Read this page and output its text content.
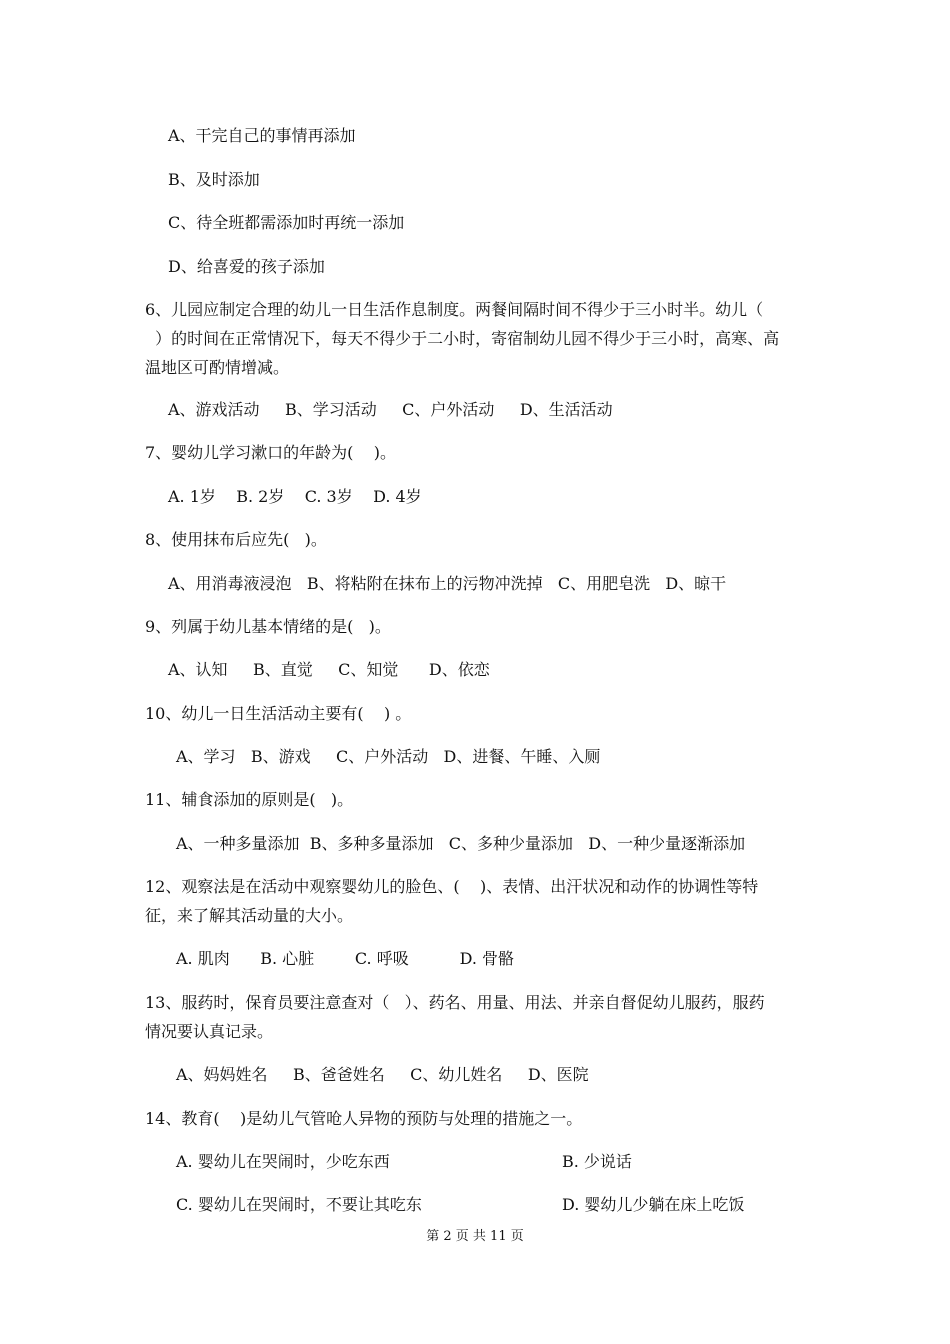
A、干完自己的事情再添加
B、及时添加
C、待全班都需添加时再统一添加
D、给喜爱的孩子添加
6、儿园应制定合理的幼儿一日生活作息制度。两餐间隔时间不得少于三小时半。幼儿（
）的时间在正常情况下，每天不得少于二小时，寄宿制幼儿园不得少于三小时，高寒、高
温地区可酌情增减。
A、游戏活动     B、学习活动     C、户外活动     D、生活活动
7、婴幼儿学习漱口的年龄为(    )。
A. 1岁    B. 2岁    C. 3岁    D. 4岁
8、使用抹布后应先(   )。
A、用消毒液浸泡   B、将粘附在抹布上的污物冲洗掉   C、用肥皂洗   D、晾干
9、列属于幼儿基本情绪的是(   )。
A、认知     B、直觉     C、知觉      D、依恋
10、幼儿一日生活活动主要有(    ) 。
A、学习   B、游戏     C、户外活动   D、进餐、午睡、入厕
11、辅食添加的原则是(   )。
A、一种多量添加  B、多种多量添加   C、多种少量添加   D、一种少量逐渐添加
12、观察法是在活动中观察婴幼儿的脸色、(    )、表情、出汗状况和动作的协调性等特
征，来了解其活动量的大小。
A. 肌肉      B. 心脏        C. 呼吸          D. 骨骼
13、服药时，保育员要注意查对（   ）、药名、用量、用法、并亲自督促幼儿服药，服药
情况要认真记录。
A、妈妈姓名     B、爸爸姓名     C、幼儿姓名     D、医院
14、教育(    )是幼儿气管呛人异物的预防与处理的措施之一。
A. 婴幼儿在哭闹时，少吃东西	B. 少说话
C. 婴幼儿在哭闹时，不要让其吃东	D. 婴幼儿少躺在床上吃饭
第 2 页 共 11 页
